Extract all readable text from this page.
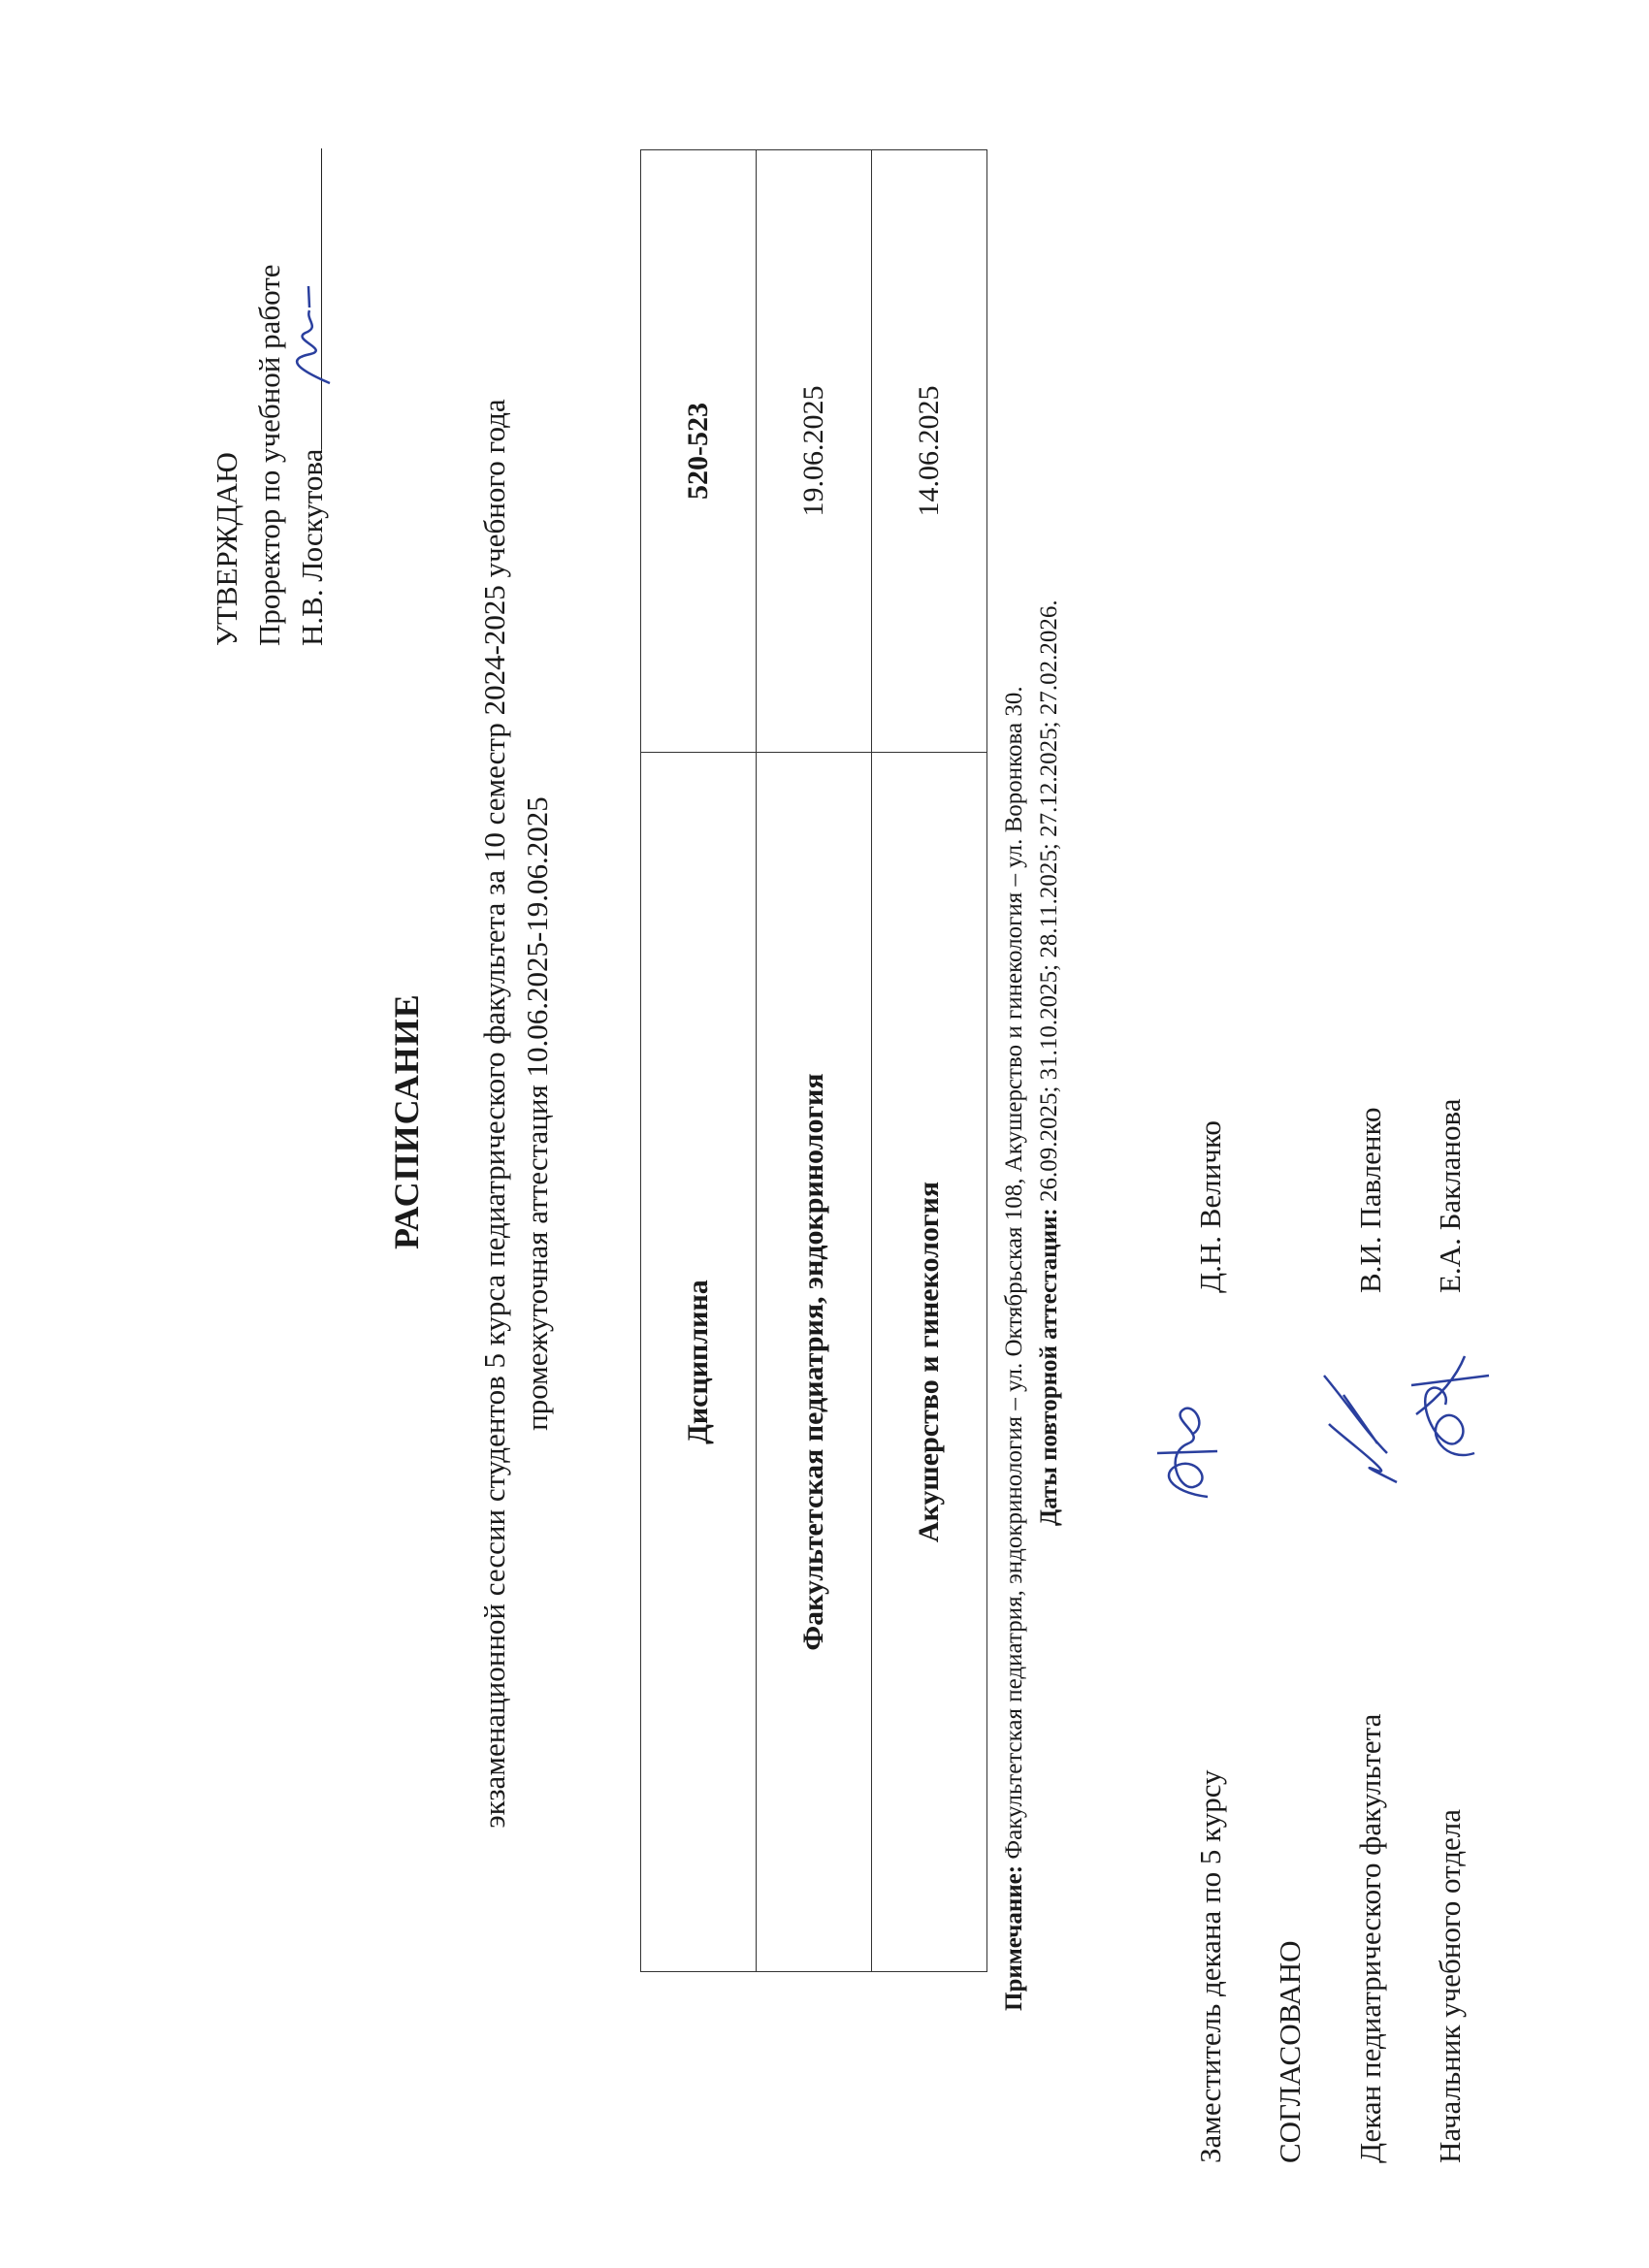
УТВЕРЖДАЮ Проректор по учебной работе Н.В. Лоскутова
РАСПИСАНИЕ экзаменационной сессии студентов 5 курса педиатрического факультета за 10 семестр 2024-2025 учебного года промежуточная аттестация 10.06.2025-19.06.2025	Дисциплина	520-523
Факультетская педиатрия, эндокринология	19.06.2025
Акушерство и гинекология	14.06.2025
Примечание: Факультетская педиатрия, эндокринология – ул. Октябрьская 108, Акушерство и гинекология – ул. Воронкова 30. Даты повторной аттестации: 26.09.2025; 31.10.2025; 28.11.2025; 27.12.2025; 27.02.2026.
Заместитель декана по 5 курсу
Д.Н. Величко
СОГЛАСОВАНО Декан педиатрического факультета
В.И. Павленко
Начальник учебного отдела
Е.А. Бакланова
